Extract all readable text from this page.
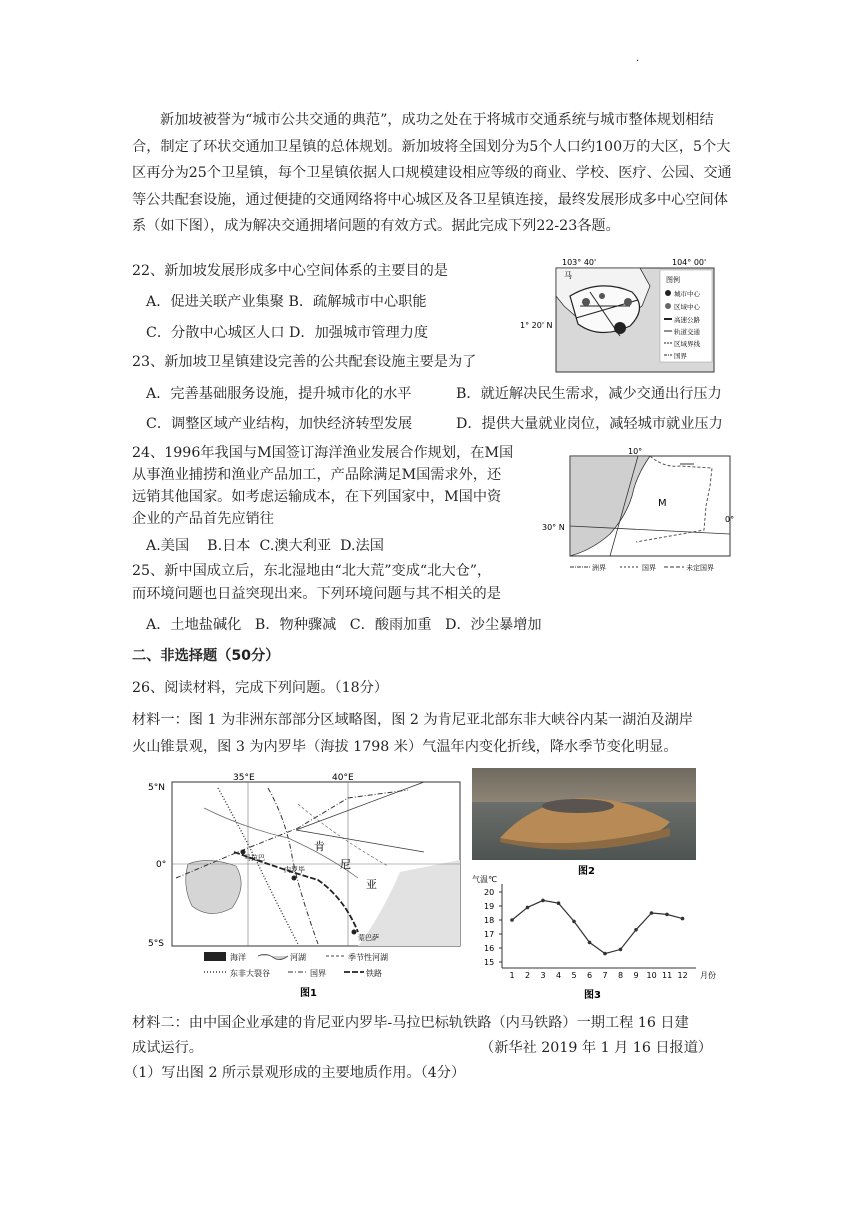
·
新加坡被誉为“城市公共交通的典范”，成功之处在于将城市交通系统与城市整体规划相结合，制定了环状交通加卫星镇的总体规划。新加坡将全国划分为5个人口约100万的大区，5个大区再分为25个卫星镇，每个卫星镇依据人口规模建设相应等级的商业、学校、医疗、公园、交通等公共配套设施，通过便捷的交通网络将中心城区及各卫星镇连接，最终发展形成多中心空间体系（如下图），成为解决交通拥堵问题的有效方式。据此完成下列22-23各题。
22、新加坡发展形成多中心空间体系的主要目的是
A．促进关联产业集聚 B．疏解城市中心职能
C．分散中心城区人口 D．加强城市管理力度
23、新加坡卫星镇建设完善的公共配套设施主要是为了
A．完善基础服务设施，提升城市化的水平	B．就近解决民生需求，减少交通出行压力
C．调整区域产业结构，加快经济转型发展	D．提供大量就业岗位，减轻城市就业压力
103° 40'	104° 00'
1° 20' N
马	图例
城市中心
区域中心
高速公路
轨道交通
区域界线
国界
24、1996年我国与M国签订海洋渔业发展合作规划，在M国
从事渔业捕捞和渔业产品加工，产品除满足M国需求外，还
远销其他国家。如考虑运输成本，在下列国家中，M国中资
企业的产品首先应销往
A.美国    B.日本  C.澳大利亚  D.法国
10°
30° N
0°
M
洲界	国界	未定国界
25、新中国成立后，东北湿地由“北大荒”变成“北大仓”，
而环境问题也日益突现出来。下列环境问题与其不相关的是
A．土地盐碱化   B．物种骤减   C．酸雨加重   D．沙尘暴增加
二、非选择题（50分）
26、阅读材料，完成下列问题。（18分）
材料一：图 1 为非洲东部部分区域略图，图 2 为肯尼亚北部东非大峡谷内某一湖泊及湖岸
火山锥景观，图 3 为内罗毕（海拔 1798 米）气温年内变化折线，降水季节变化明显。
35°E	40°E
5°N
0°
5°S
肯
尼
亚
马拉巴
内罗毕
蒙巴萨
海洋	河湖	季节性河湖
东非大裂谷	国界	铁路
图1
图2
气温℃
月份
15
16
17
18
19
20
1 2 3 4 5 6 7 8 9 10 11 12
图3
材料二：由中国企业承建的肯尼亚内罗毕-马拉巴标轨铁路（内马铁路）一期工程 16 日建
成试运行。	（新华社 2019 年 1 月 16 日报道）
（1）写出图 2 所示景观形成的主要地质作用。（4分）
